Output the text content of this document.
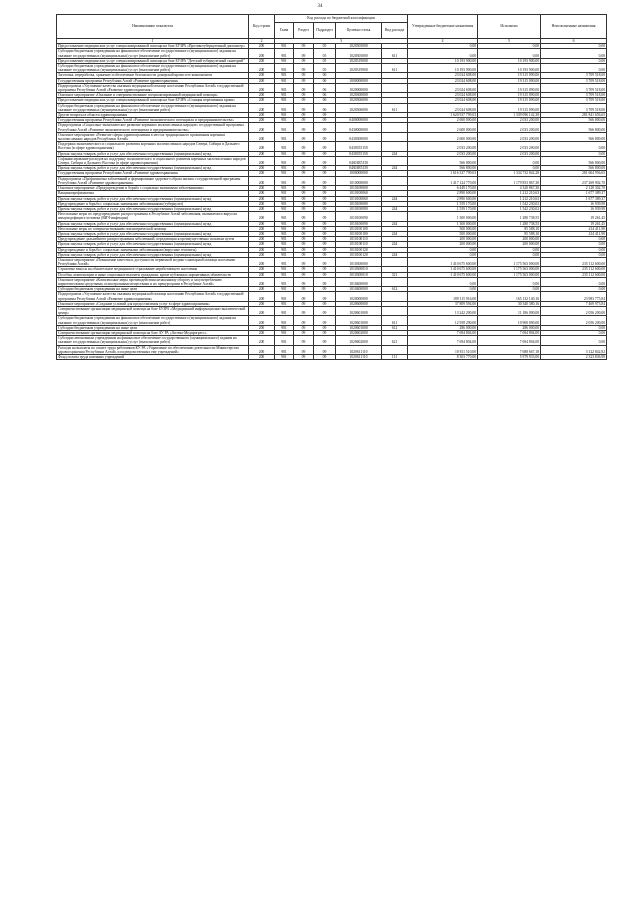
34
Наименование показателя	Код строки	Код расхода по бюджетной классификации					Утвержденные бюджетные назначения	Исполнено	Неисполненные назначения
		Глава	Раздел	Подраздел	Целевая статья	Вид расхода			
1	2	3					4	5	6
Предоставление медицинских услуг специализированной помощи на базе БУЗРА «Противотуберкулезный диспансер»	200	901	09	05	1020305000		0,00	0,00	0,00
Субсидии бюджетным учреждениям на финансовое обеспечение государственного (муниципального) задания на оказание государственных (муниципальных) услуг (выполнение работ)	200	901	09	05	1020305000	611	0,00	0,00	0,00
Предоставление медицинских услуг специализированной помощи на базе БУЗРА "Детский туберкулезный санаторий"	200	901	09	05	1020319000		10 193 900,00	10 193 900,00	0,00
Субсидии бюджетным учреждениям на финансовое обеспечение государственного (муниципального) задания на оказание государственных (муниципальных) услуг (выполнение работ)	200	901	09	05	1020319000	611	10 193 900,00	10 193 900,00	0,00
Заготовка, переработка, хранение и обеспечение безопасности донорской крови и ее компонентов	200	901	09	06			23 024 608,00	19 315 090,00	3 709 518,00
Государственная программа Республики Алтай «Развитие здравоохранения»	200	901	09	06	1000000000		23 024 608,00	19 315 090,00	3 709 518,00
Подпрограмма «Улучшение качества оказания медицинской помощи населению Республики Алтай» государственной программы Республики Алтай «Развитие здравоохранения»	200	901	09	06	1020000000		23 024 608,00	19 315 090,00	3 709 518,00
Основное мероприятие «Оказание и совершенствование специализированной медицинской помощи»	200	901	09	06	1020300000		23 024 608,00	19 315 090,00	3 709 518,00
Предоставление медицинских услуг специализированной помощи на базе БУЗРА «Станция переливания крови»	200	901	09	06	1020306000		23 024 608,00	19 315 090,00	3 709 518,00
Субсидии бюджетным учреждениям на финансовое обеспечение государственного (муниципального) задания на оказание государственных (муниципальных) услуг (выполнение работ)	200	901	09	06	1020306000	611	23 024 608,00	19 315 090,00	3 709 518,00
Другие вопросы в области здравоохранения	200	901	09	09			1 620 937 799,03	1 339 096 142,38	281 841 656,65
Государственная программа Республики Алтай «Развитие экономического потенциала и предпринимательства»	200	901	09	09	0400000000		2 600 000,00	2 033 200,00	566 800,00
Подпрограмма «Социально-экономическое развитие коренных малочисленных народов» государственной программы Республики Алтай «Развитие экономического потенциала и предпринимательства»	200	901	09	09	0430000000		2 600 000,00	2 033 200,00	566 800,00
Основное мероприятие «Развитие сферы здравоохранения в местах традиционного проживания коренных малочисленных народов Республики Алтай»	200	901	09	09	0430300000		2 600 000,00	2 033 200,00	566 800,00
Поддержка экономического и социального развития коренных малочисленных народов Севера, Сибири и Дальнего Востока (в сфере здравоохранения)	200	901	09	09	0430355150		2 033 200,00	2 033 200,00	0,00
Прочая закупка товаров, работ и услуг для обеспечения государственных (муниципальных) нужд	200	901	09	09	0430355150	244	2 033 200,00	2 033 200,00	0,00
Софинансирование расходов на поддержку экономического и социального развития коренных малочисленных народов Севера, Сибири и Дальнего Востока (в сфере здравоохранения)	200	901	09	09	04303R5150		566 800,00	0,00	566 800,00
Прочая закупка товаров, работ и услуг для обеспечения государственных (муниципальных) нужд	200	901	09	09	04303R5150	244	566 800,00	0,00	566 800,00
Государственная программа Республики Алтай «Развитие здравоохранения»	200	901	09	09	1000000000		1 616 337 799,03	1 334 732 842,28	281 604 956,65
Подпрограмма «Профилактика заболеваний и формирование здорового образа жизни» государственной программы Республики Алтай «Развитие здравоохранения»	200	901	09	09	1010000000		1 417 124 770,00	1 179 853 867,30	237 269 902,70
Основное мероприятие «Предупреждение и борьба с социально значимыми заболеваниями»	200	901	09	09	1010100000		6 449 170,00	4 320 867,30	2 128 302,70
Вакцинопрофилактика	200	901	09	09	1010100060		2 890 600,00	1 212 210,63	1 677 389,37
Прочая закупка товаров, работ и услуг для обеспечения государственных (муниципальных) нужд	200	901	09	09	1010100060	244	2 890 600,00	1 212 210,63	1 677 389,37
Предупреждение и борьба с социально значимыми заболеваниями (туберкулез)	200	901	09	09	1010100080		1 559 170,00	1 542 230,02	16 939,98
Прочая закупка товаров, работ и услуг для обеспечения государственных (муниципальных) нужд	200	901	09	09	1010100080	244	1 559 170,00	1 542 230,02	16 939,98
Неотложные меры по предупреждению распространения в Республике Алтай заболевания, вызываемого вирусом иммунодефицита человека (ВИЧ-инфекции)	200	901	09	09	1010100090		1 300 000,00	1 280 738,55	19 261,45
Прочая закупка товаров, работ и услуг для обеспечения государственных (муниципальных) нужд	200	901	09	09	1010100090	244	1 300 000,00	1 280 738,55	19 261,45
Неотложные меры по совершенствованию психиатрической помощи	200	901	09	09	1010100100		500 000,00	85 588,10	414 411,90
Прочая закупка товаров, работ и услуг для обеспечения государственных (муниципальных) нужд	200	901	09	09	1010100100	244	500 000,00	85 588,10	414 411,90
Предупреждение дальнейшего распространения заболеваний, передающихся преимущественно половым путем	200	901	09	09	1010100110		200 000,00	200 000,00	0,00
Прочая закупка товаров, работ и услуг для обеспечения государственных (муниципальных) нужд	200	901	09	09	1010100110	244	200 000,00	200 000,00	0,00
Предупреждение и борьба с социально значимыми заболеваниями (вирусные гепатиты)	200	901	09	09	1010100120		0,00	0,00	0,00
Прочая закупка товаров, работ и услуг для обеспечения государственных (муниципальных) нужд	200	901	09	09	1010100120	244	0,00	0,00	0,00
Основное мероприятие «Повышение качества и доступности первичной медико-санитарной помощи населению Республики Алтай»	200	901	09	09	1010300000		1 410 675 600,00	1 175 563 000,00	235 112 600,00
Страховые взносы на обязательное медицинское страхование неработающего населения	200	901	09	09	1010300010		1 410 675 600,00	1 175 563 000,00	235 112 600,00
Пособия, компенсации и иные социальные выплаты гражданам, кроме публичных нормативных обязательств	200	901	09	09	1010300010	321	1 410 675 600,00	1 175 563 000,00	235 112 600,00
Основное мероприятие «Комплексные меры противодействия незаконному обороту и злоупотреблению наркотическими средствами, психотропными веществами и их прекурсорами в Республике Алтай»	200	901	09	09	1010400000		0,00	0,00	0,00
Субсидии бюджетным учреждениям на иные цели	200	901	09	09	1010400000	612	0,00	0,00	0,00
Подпрограмма «Улучшение качества оказания медицинской помощи населению Республики Алтай» государственной программы Республики Алтай «Развитие здравоохранения»	200	901	09	09	1020000000		189 115 916,00	165 132 140,16	23 983 775,84
Основное мероприятие «Создание условий для предоставления услуг в сфере здравоохранения»	200	901	09	09	1020600000		37 809 594,00	30 340 380,16	7 469 973,84
Совершенствование организации медицинской помощи на базе БУЗРА «Медицинский информационно-аналитический центр»	200	901	09	09	1020601000		13 242 290,00	11 186 090,00	2 056 200,00
Субсидии бюджетным учреждениям на финансовое обеспечение государственного (муниципального) задания на оказание государственных (муниципальных) услуг (выполнение работ)	200	901	09	09	1020601000	611	12 958 290,00	10 900 090,00	2 056 200,00
Субсидии бюджетным учреждениям на иные цели	200	901	09	09	1020601000	612	286 000,00	286 000,00	0,00
Совершенствование организации медицинской помощи на базе АУ РА «Аптека-Медпрогресс»	200	901	09	09	1020602000		7 694 804,00	7 694 804,00	0,00
Субсидии автономным учреждениям на финансовое обеспечение государственного (муниципального) задания на оказание государственных (муниципальных) услуг (выполнение работ)	200	901	09	09	1020602000	621	7 694 804,00	7 694 804,00	0,00
Расходы на выплаты по оплате труда работников КУ РА «Управление по обеспечению деятельности Министерства здравоохранения Республики Алтай» и подведомственных ему учреждений»	200	901	09	09	1020611110		10 811 510,00	7 688 667,18	3 122 842,82
Фонд оплаты труда казенных учреждений	200	901	09	09	1020611110	111	8 303 770,00	5 979 933,00	2 323 836,98
